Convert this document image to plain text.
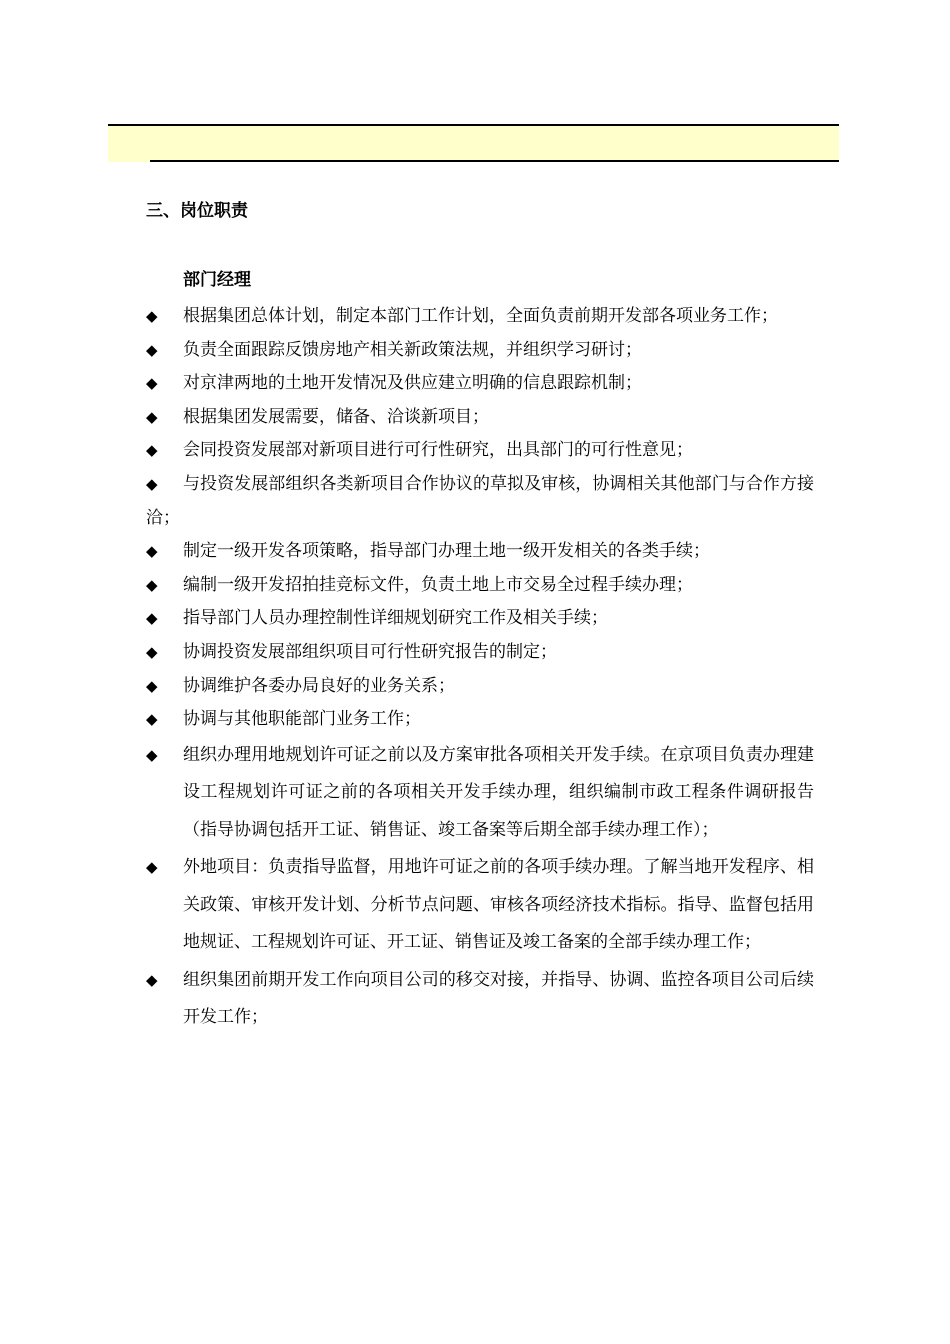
三、岗位职责
部门经理
◆	根据集团总体计划，制定本部门工作计划，全面负责前期开发部各项业务工作；
◆	负责全面跟踪反馈房地产相关新政策法规，并组织学习研讨；
◆	对京津两地的土地开发情况及供应建立明确的信息跟踪机制；
◆	根据集团发展需要，储备、洽谈新项目；
◆	会同投资发展部对新项目进行可行性研究，出具部门的可行性意见；
◆	与投资发展部组织各类新项目合作协议的草拟及审核，协调相关其他部门与合作方接洽；
◆	制定一级开发各项策略，指导部门办理土地一级开发相关的各类手续；
◆	编制一级开发招拍挂竞标文件，负责土地上市交易全过程手续办理；
◆	指导部门人员办理控制性详细规划研究工作及相关手续；
◆	协调投资发展部组织项目可行性研究报告的制定；
◆	协调维护各委办局良好的业务关系；
◆	协调与其他职能部门业务工作；
◆	组织办理用地规划许可证之前以及方案审批各项相关开发手续。在京项目负责办理建设工程规划许可证之前的各项相关开发手续办理，组织编制市政工程条件调研报告（指导协调包括开工证、销售证、竣工备案等后期全部手续办理工作）；
◆	外地项目：负责指导监督，用地许可证之前的各项手续办理。了解当地开发程序、相关政策、审核开发计划、分析节点问题、审核各项经济技术指标。指导、监督包括用地规证、工程规划许可证、开工证、销售证及竣工备案的全部手续办理工作；
◆	组织集团前期开发工作向项目公司的移交对接，并指导、协调、监控各项目公司后续开发工作；
